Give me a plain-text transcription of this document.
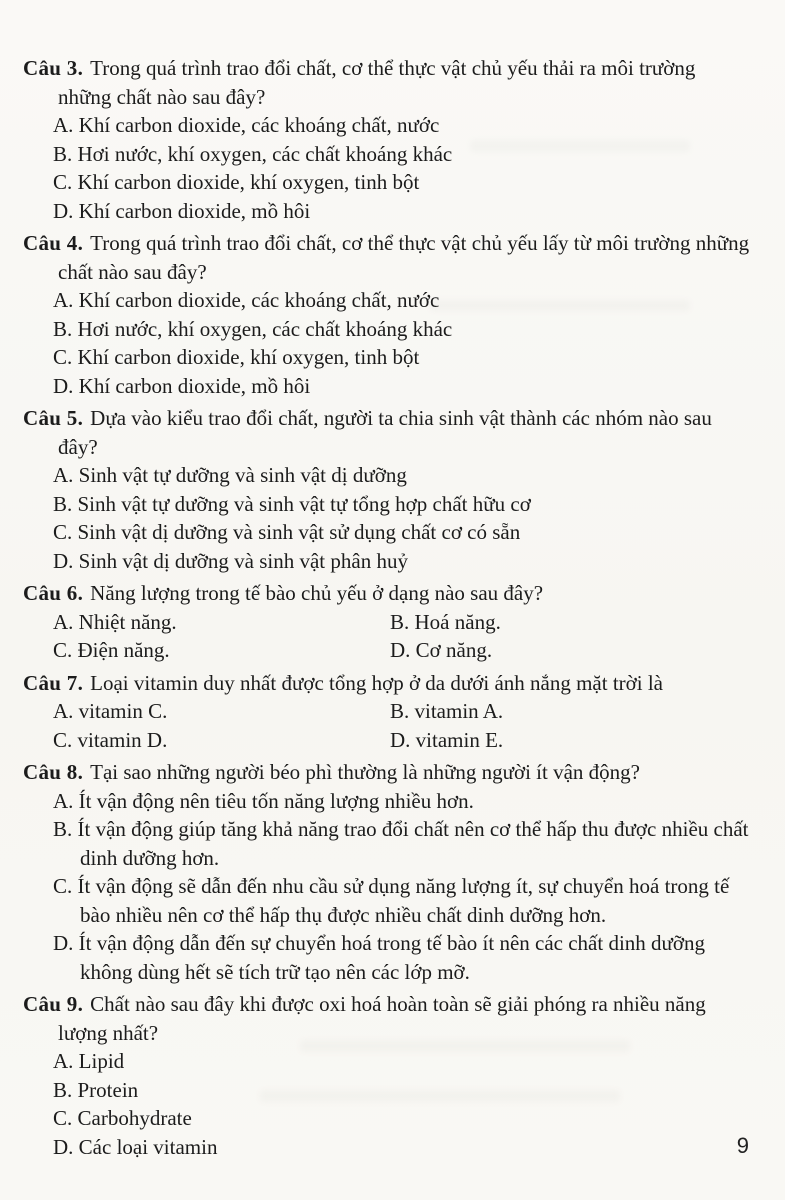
Câu 3. Trong quá trình trao đổi chất, cơ thể thực vật chủ yếu thải ra môi trường những chất nào sau đây?

A. Khí carbon dioxide, các khoáng chất, nước
B. Hơi nước, khí oxygen, các chất khoáng khác
C. Khí carbon dioxide, khí oxygen, tinh bột
D. Khí carbon dioxide, mồ hôi

Câu 4. Trong quá trình trao đổi chất, cơ thể thực vật chủ yếu lấy từ môi trường những chất nào sau đây?

A. Khí carbon dioxide, các khoáng chất, nước
B. Hơi nước, khí oxygen, các chất khoáng khác
C. Khí carbon dioxide, khí oxygen, tinh bột
D. Khí carbon dioxide, mồ hôi

Câu 5. Dựa vào kiểu trao đổi chất, người ta chia sinh vật thành các nhóm nào sau đây?

A. Sinh vật tự dưỡng và sinh vật dị dưỡng
B. Sinh vật tự dưỡng và sinh vật tự tổng hợp chất hữu cơ
C. Sinh vật dị dưỡng và sinh vật sử dụng chất cơ có sẵn
D. Sinh vật dị dưỡng và sinh vật phân huỷ

Câu 6. Năng lượng trong tế bào chủ yếu ở dạng nào sau đây?

A. Nhiệt năng.	B. Hoá năng.
C. Điện năng.	D. Cơ năng.

Câu 7. Loại vitamin duy nhất được tổng hợp ở da dưới ánh nắng mặt trời là

A. vitamin C.	B. vitamin A.
C. vitamin D.	D. vitamin E.

Câu 8. Tại sao những người béo phì thường là những người ít vận động?

A. Ít vận động nên tiêu tốn năng lượng nhiều hơn.
B. Ít vận động giúp tăng khả năng trao đổi chất nên cơ thể hấp thu được nhiều chất dinh dưỡng hơn.
C. Ít vận động sẽ dẫn đến nhu cầu sử dụng năng lượng ít, sự chuyển hoá trong tế bào nhiều nên cơ thể hấp thụ được nhiều chất dinh dưỡng hơn.
D. Ít vận động dẫn đến sự chuyển hoá trong tế bào ít nên các chất dinh dưỡng không dùng hết sẽ tích trữ tạo nên các lớp mỡ.

Câu 9. Chất nào sau đây khi được oxi hoá hoàn toàn sẽ giải phóng ra nhiều năng lượng nhất?

A. Lipid
B. Protein
C. Carbohydrate
D. Các loại vitamin	9
